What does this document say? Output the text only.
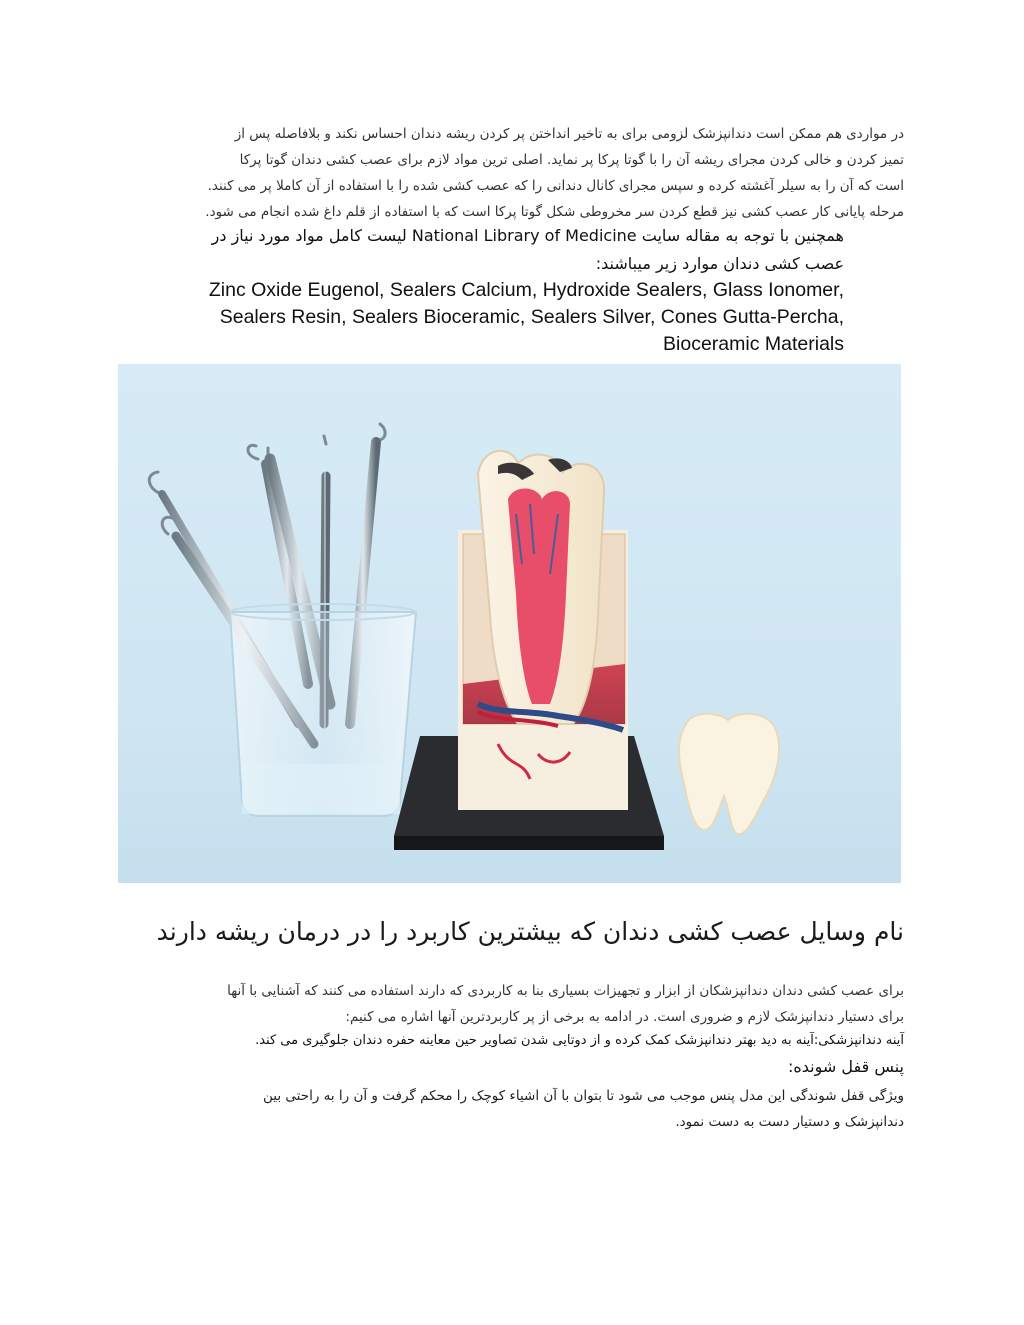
در مواردی هم ممکن است دندانپزشک لزومی برای به تاخیر انداختن پر کردن ریشه دندان احساس نکند و بلافاصله پس از
تمیز کردن و خالی کردن مجرای ریشه آن را با گوتا پرکا پر نماید. اصلی ترین مواد لازم برای عصب کشی دندان گوتا پرکا
است که آن را به سیلر آغشته کرده و سپس مجرای کانال دندانی را که عصب کشی شده را با استفاده از آن کاملا پر می کنند.
مرحله پایانی کار عصب کشی نیز قطع کردن سر مخروطی شکل گوتا پرکا است که با استفاده از قلم داغ شده انجام می شود.
همچنین با توجه به مقاله سایت National Library of Medicine لیست کامل مواد مورد نیاز در
عصب کشی دندان موارد زیر میباشند:
Zinc Oxide Eugenol, Sealers Calcium, Hydroxide Sealers, Glass Ionomer,
Sealers Resin, Sealers Bioceramic, Sealers Silver, Cones Gutta-Percha,
Bioceramic Materials
نام وسایل عصب کشی دندان که بیشترین کاربرد را در درمان ریشه دارند
برای عصب کشی دندان دندانپزشکان از ابزار و تجهیزات بسیاری بنا به کاربردی که دارند استفاده می کنند که آشنایی با آنها
برای دستیار دندانپزشک لازم و ضروری است. در ادامه به برخی از پر کاربردترین آنها اشاره می کنیم:
آینه دندانپزشکی:آینه به دید بهتر دندانپزشک کمک کرده و از دوتایی شدن تصاویر حین معاینه حفره دندان جلوگیری می کند.
پنس قفل شونده:
ویژگی قفل شوندگی این مدل پنس موجب می شود تا بتوان با آن اشیاء کوچک را محکم گرفت و آن را به راحتی بین
دندانپزشک و دستیار دست به دست نمود.
